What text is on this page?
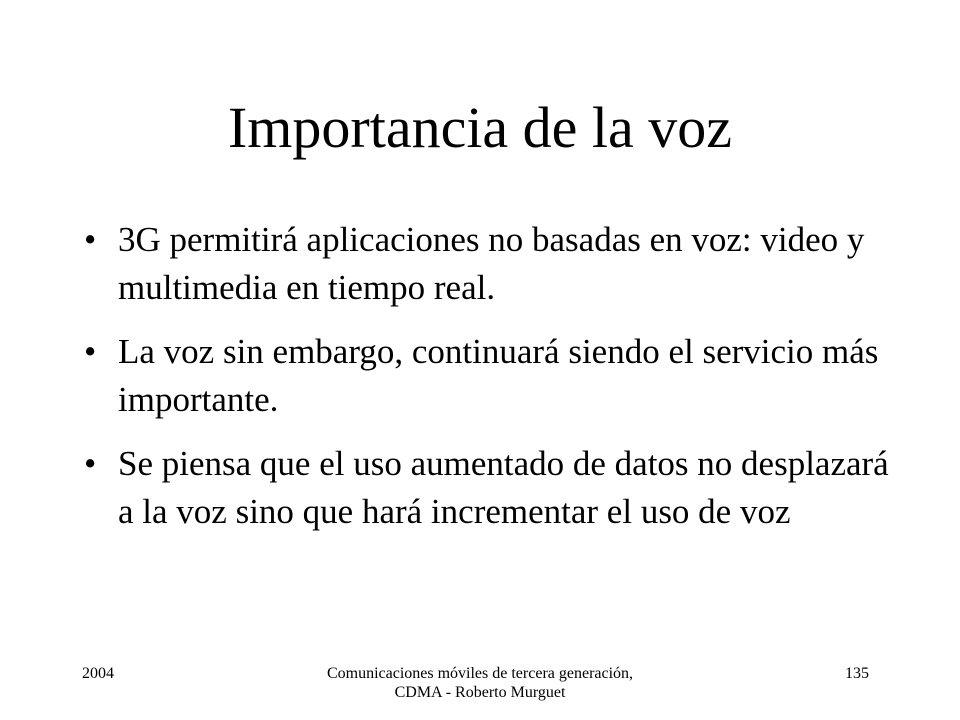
Importancia de la voz
• 3G permitirá aplicaciones no basadas en voz: video y multimedia en tiempo real.
• La voz sin embargo, continuará siendo el servicio más importante.
• Se piensa que el uso aumentado de datos no desplazará a la voz sino que hará incrementar el uso de voz
2004	Comunicaciones móviles de tercera generación, CDMA - Roberto Murguet
135
